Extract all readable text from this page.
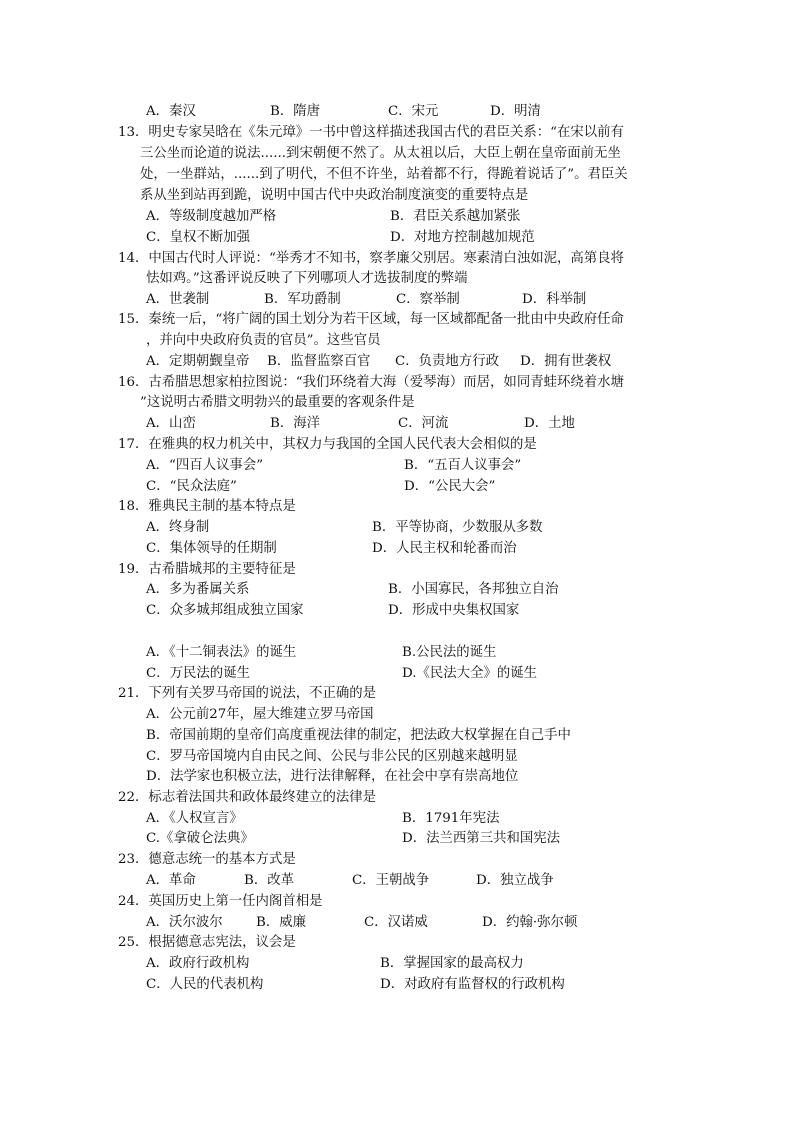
A．秦汉	B．隋唐	C．宋元	D．明清
13．明史专家吴晗在《朱元璋》一书中曾这样描述我国古代的君臣关系：“在宋以前有
三公坐而论道的说法......到宋朝便不然了。从太祖以后，大臣上朝在皇帝面前无坐
处，一坐群站，......到了明代，不但不许坐，站着都不行，得跪着说话了”。君臣关
系从坐到站再到跪，说明中国古代中央政治制度演变的重要特点是
A．等级制度越加严格	B．君臣关系越加紧张
C．皇权不断加强	D．对地方控制越加规范
14．中国古代时人评说：“举秀才不知书，察孝廉父别居。寒素清白浊如泥，高第良将
怯如鸡。”这番评说反映了下列哪项人才选拔制度的弊端
A．世袭制	B．军功爵制	C．察举制	D．科举制
15．秦统一后，“将广阔的国土划分为若干区域，每一区域都配备一批由中央政府任命
，并向中央政府负责的官员”。这些官员
A．定期朝觐皇帝 B．监督监察百官 C．负责地方行政 D．拥有世袭权
16．古希腊思想家柏拉图说：“我们环绕着大海（爱琴海）而居，如同青蛙环绕着水塘
”这说明古希腊文明勃兴的最重要的客观条件是
A．山峦	B．海洋	C．河流	D．土地
17．在雅典的权力机关中，其权力与我国的全国人民代表大会相似的是
A．“四百人议事会”	B．“五百人议事会”
C．“民众法庭”	D．“公民大会”
18．雅典民主制的基本特点是
A．终身制	B．平等协商，少数服从多数
C．集体领导的任期制	D．人民主权和轮番而治
19．古希腊城邦的主要特征是
A．多为番属关系	B．小国寡民，各邦独立自治
C．众多城邦组成独立国家	D．形成中央集权国家
A．《十二铜表法》的诞生	B.公民法的诞生
C．万民法的诞生	D.《民法大全》的诞生
21．下列有关罗马帝国的说法，不正确的是
A．公元前27年，屋大维建立罗马帝国
B．帝国前期的皇帝们高度重视法律的制定，把法政大权掌握在自己手中
C．罗马帝国境内自由民之间、公民与非公民的区别越来越明显
D．法学家也积极立法，进行法律解释，在社会中享有崇高地位
22．标志着法国共和政体最终建立的法律是
A．《人权宣言》	B．1791年宪法
C.《拿破仑法典》	D．法兰西第三共和国宪法
23．德意志统一的基本方式是
A．革命	B．改革	C．王朝战争	D．独立战争
24．英国历史上第一任内阁首相是
A．沃尔波尔 B．威廉	C．汉诺威	D．约翰·弥尔顿
25．根据德意志宪法，议会是
A．政府行政机构	B．掌握国家的最高权力
C．人民的代表机构	D．对政府有监督权的行政机构
